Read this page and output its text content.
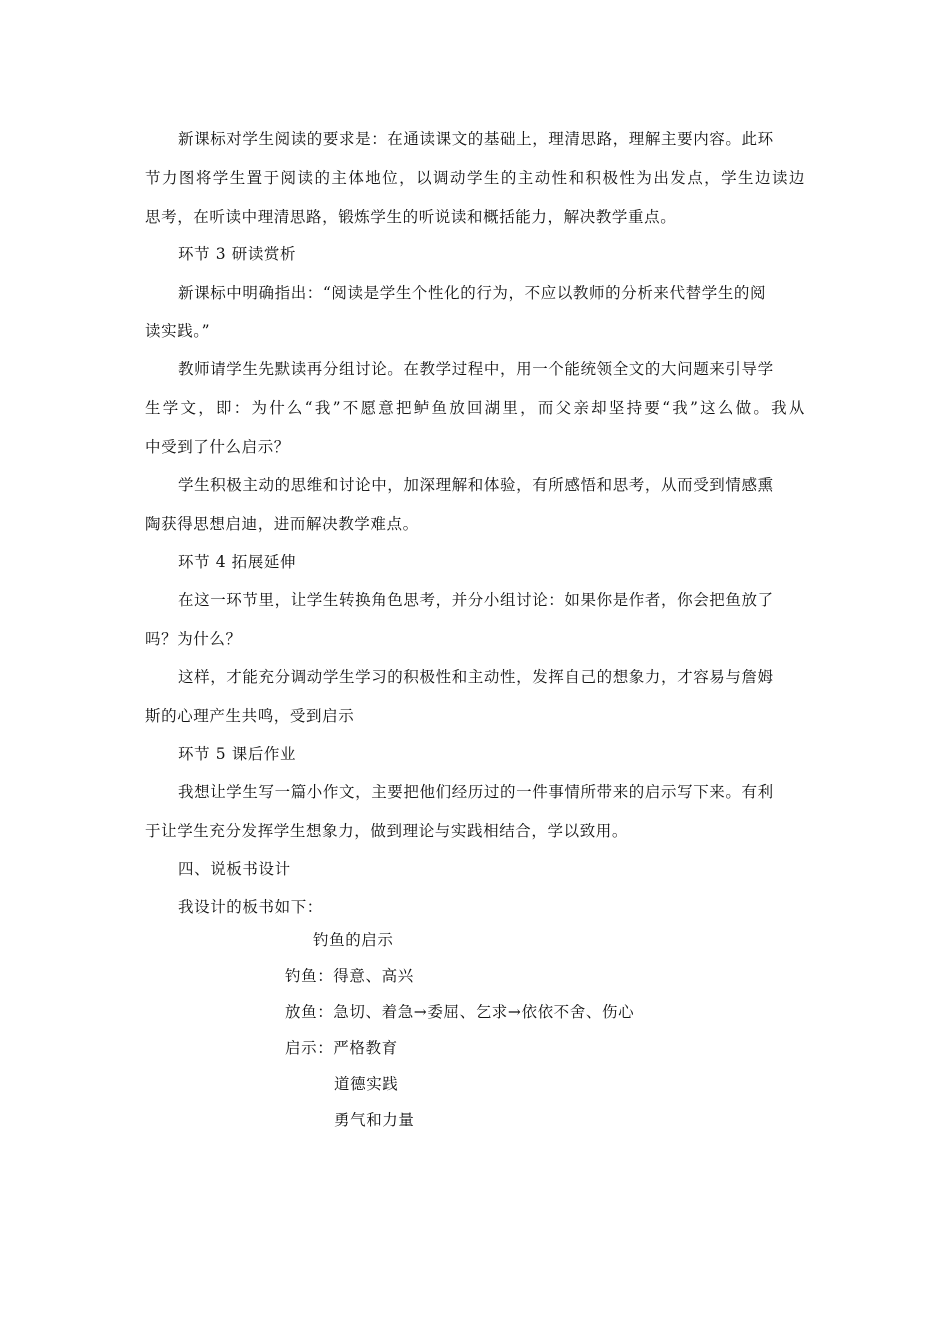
新课标对学生阅读的要求是：在通读课文的基础上，理清思路，理解主要内容。此环
节力图将学生置于阅读的主体地位，以调动学生的主动性和积极性为出发点，学生边读边
思考，在听读中理清思路，锻炼学生的听说读和概括能力，解决教学重点。
环节 3 研读赏析
新课标中明确指出：“阅读是学生个性化的行为，不应以教师的分析来代替学生的阅
读实践。”
教师请学生先默读再分组讨论。在教学过程中，用一个能统领全文的大问题来引导学
生学文，即：为什么“我”不愿意把鲈鱼放回湖里，而父亲却坚持要“我”这么做。我从
中受到了什么启示？
学生积极主动的思维和讨论中，加深理解和体验，有所感悟和思考，从而受到情感熏
陶获得思想启迪，进而解决教学难点。
环节 4 拓展延伸
在这一环节里，让学生转换角色思考，并分小组讨论：如果你是作者，你会把鱼放了
吗？为什么？
这样，才能充分调动学生学习的积极性和主动性，发挥自己的想象力，才容易与詹姆
斯的心理产生共鸣，受到启示
环节 5 课后作业
我想让学生写一篇小作文，主要把他们经历过的一件事情所带来的启示写下来。有利
于让学生充分发挥学生想象力，做到理论与实践相结合，学以致用。
四、说板书设计
我设计的板书如下：
钓鱼的启示
钓鱼：得意、高兴
放鱼：急切、着急→委屈、乞求→依依不舍、伤心
启示：严格教育
道德实践
勇气和力量
